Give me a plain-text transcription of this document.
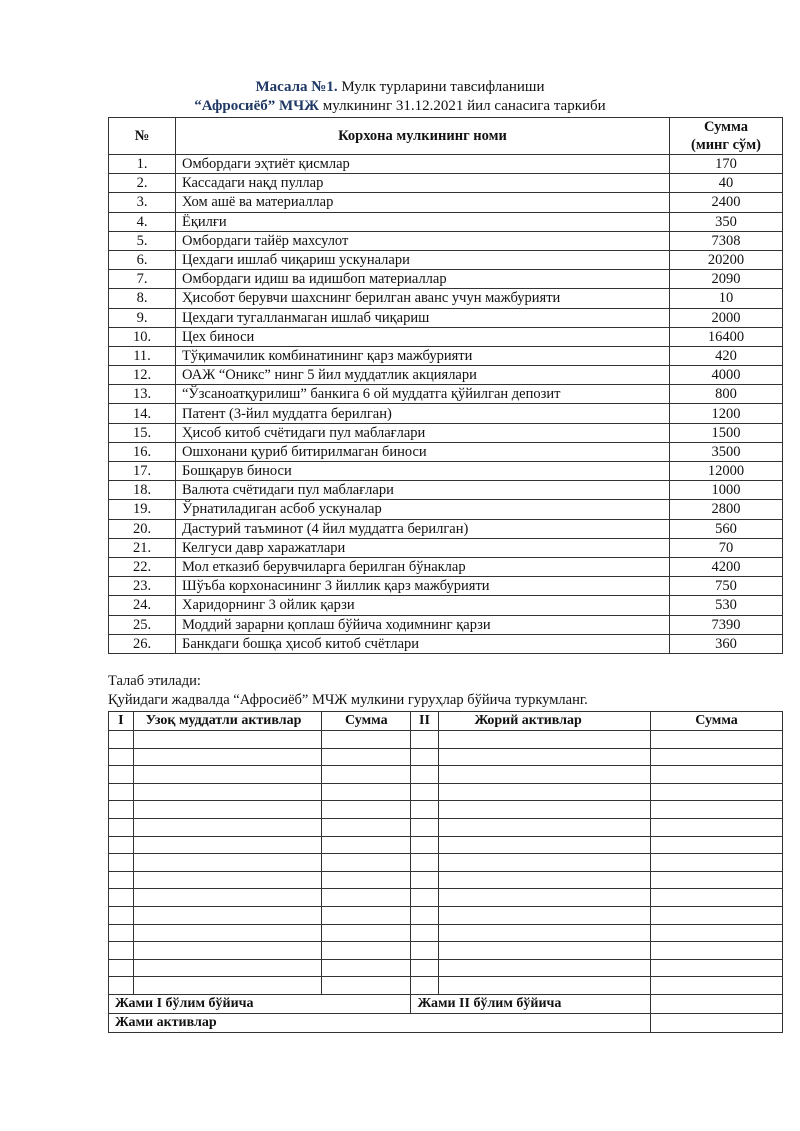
Масала №1. Мулк турларини тавсифланиши
“Афросиёб” МЧЖ мулкининг 31.12.2021 йил санасига таркиби
№	Корхона мулкининг номи	Сумма
(минг сўм)

1.	Омбордаги эҳтиёт қисмлар	170
2.	Кассадаги нақд пуллар	40
3.	Хом ашё ва материаллар	2400
4.	Ёқилғи	350
5.	Омбордаги тайёр махсулот	7308
6.	Цехдаги ишлаб чиқариш ускуналари	20200
7.	Омбордаги идиш ва идишбоп материаллар	2090
8.	Ҳисобот берувчи шахснинг берилган аванс учун мажбурияти	10
9.	Цехдаги тугалланмаган ишлаб чиқариш	2000
10.	Цех биноси	16400
11.	Тўқимачилик комбинатининг қарз мажбурияти	420
12.	ОАЖ “Оникс” нинг 5 йил муддатлик акциялари	4000
13.	“Ўзсаноатқурилиш” банкига 6 ой муддатга қўйилган депозит	800
14.	Патент (3-йил муддатга берилган)	1200
15.	Ҳисоб китоб счётидаги пул маблағлари	1500
16.	Ошхонани қуриб битирилмаган биноси	3500
17.	Бошқарув биноси	12000
18.	Валюта счётидаги пул маблағлари	1000
19.	Ўрнатиладиган асбоб ускуналар	2800
20.	Дастурий таъминот (4 йил муддатга берилган)	560
21.	Келгуси давр харажатлари	70
22.	Мол етказиб берувчиларга берилган бўнаклар	4200
23.	Шўъба корхонасининг 3 йиллик қарз мажбурияти	750
24.	Харидорнинг 3 ойлик қарзи	530
25.	Моддий зарарни қоплаш бўйича ходимнинг қарзи	7390
26.	Банкдаги бошқа ҳисоб китоб счётлари	360
Талаб этилади:
Қуйидаги жадвалда “Афросиёб” МЧЖ мулкини гуруҳлар бўйича туркумланг.
I	Узоқ муддатли активлар	Сумма	II	Жорий активлар	Сумма

Жами I бўлим бўйича			Жами II бўлим бўйича		
Жами активлар					
